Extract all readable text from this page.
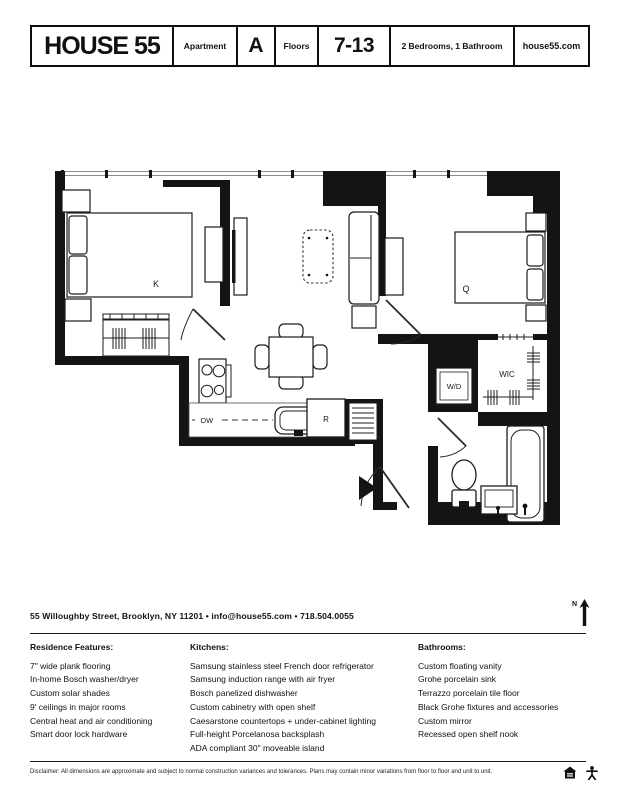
HOUSE 55	Apartment	A	Floors	7-13	2 Bedrooms, 1 Bathroom	house55.com
K	Q
WIC
W/D
DW	R
55 Willoughby Street, Brooklyn, NY 11201 • info@house55.com • 718.504.0055
N
Residence Features:
7" wide plank flooring
In-home Bosch washer/dryer
Custom solar shades
9' ceilings in major rooms
Central heat and air conditioning
Smart door lock hardware
Kitchens:
Samsung stainless steel French door refrigerator
Samsung induction range with air fryer
Bosch panelized dishwasher
Custom cabinetry with open shelf
Caesarstone countertops + under-cabinet lighting
Full-height Porcelanosa backsplash
ADA compliant 30" moveable island
Bathrooms:
Custom floating vanity
Grohe porcelain sink
Terrazzo porcelain tile floor
Black Grohe fixtures and accessories
Custom mirror
Recessed open shelf nook
Disclaimer: All dimensions are approximate and subject to normal construction variances and tolerances. Plans may contain minor variations from floor to floor and unit to unit.
